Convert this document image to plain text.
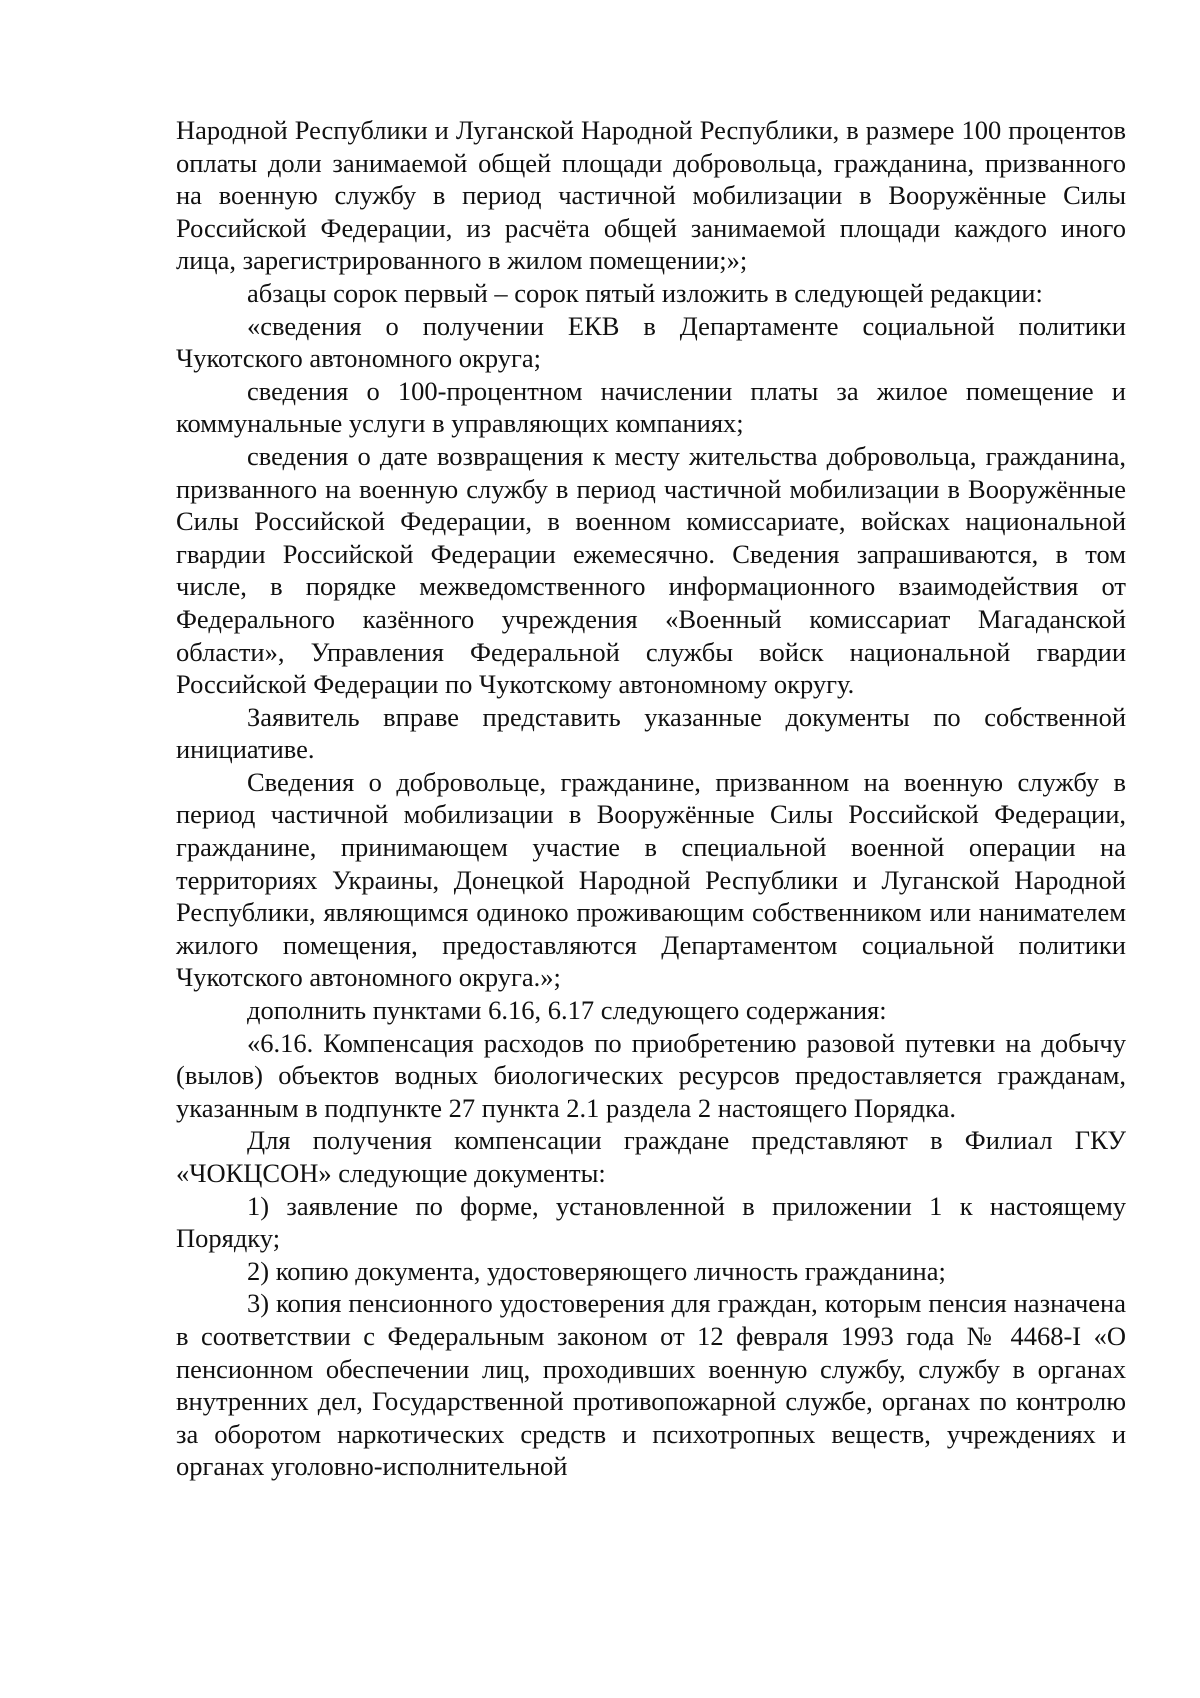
Народной Республики и Луганской Народной Республики, в размере 100 процентов оплаты доли занимаемой общей площади добровольца, гражданина, призванного на военную службу в период частичной мобилизации в Вооружённые Силы Российской Федерации, из расчёта общей занимаемой площади каждого иного лица, зарегистрированного в жилом помещении;»;

абзацы сорок первый – сорок пятый изложить в следующей редакции:

«сведения о получении ЕКВ в Департаменте социальной политики Чукотского автономного округа;

сведения о 100-процентном начислении платы за жилое помещение и коммунальные услуги в управляющих компаниях;

сведения о дате возвращения к месту жительства добровольца, гражданина, призванного на военную службу в период частичной мобилизации в Вооружённые Силы Российской Федерации, в военном комиссариате, войсках национальной гвардии Российской Федерации ежемесячно. Сведения запрашиваются, в том числе, в порядке межведомственного информационного взаимодействия от Федерального казённого учреждения «Военный комиссариат Магаданской области», Управления Федеральной службы войск национальной гвардии Российской Федерации по Чукотскому автономному округу.

Заявитель вправе представить указанные документы по собственной инициативе.

Сведения о добровольце, гражданине, призванном на военную службу в период частичной мобилизации в Вооружённые Силы Российской Федерации, гражданине, принимающем участие в специальной военной операции на территориях Украины, Донецкой Народной Республики и Луганской Народной Республики, являющимся одиноко проживающим собственником или нанимателем жилого помещения, предоставляются Департаментом социальной политики Чукотского автономного округа.»;

дополнить пунктами 6.16, 6.17 следующего содержания:

«6.16. Компенсация расходов по приобретению разовой путевки на добычу (вылов) объектов водных биологических ресурсов предоставляется гражданам, указанным в подпункте 27 пункта 2.1 раздела 2 настоящего Порядка.

Для получения компенсации граждане представляют в Филиал ГКУ «ЧОКЦСОН» следующие документы:

1) заявление по форме, установленной в приложении 1 к настоящему Порядку;

2) копию документа, удостоверяющего личность гражданина;

3) копия пенсионного удостоверения для граждан, которым пенсия назначена в соответствии с Федеральным законом от 12 февраля 1993 года № 4468-I «О пенсионном обеспечении лиц, проходивших военную службу, службу в органах внутренних дел, Государственной противопожарной службе, органах по контролю за оборотом наркотических средств и психотропных веществ, учреждениях и органах уголовно-исполнительной
